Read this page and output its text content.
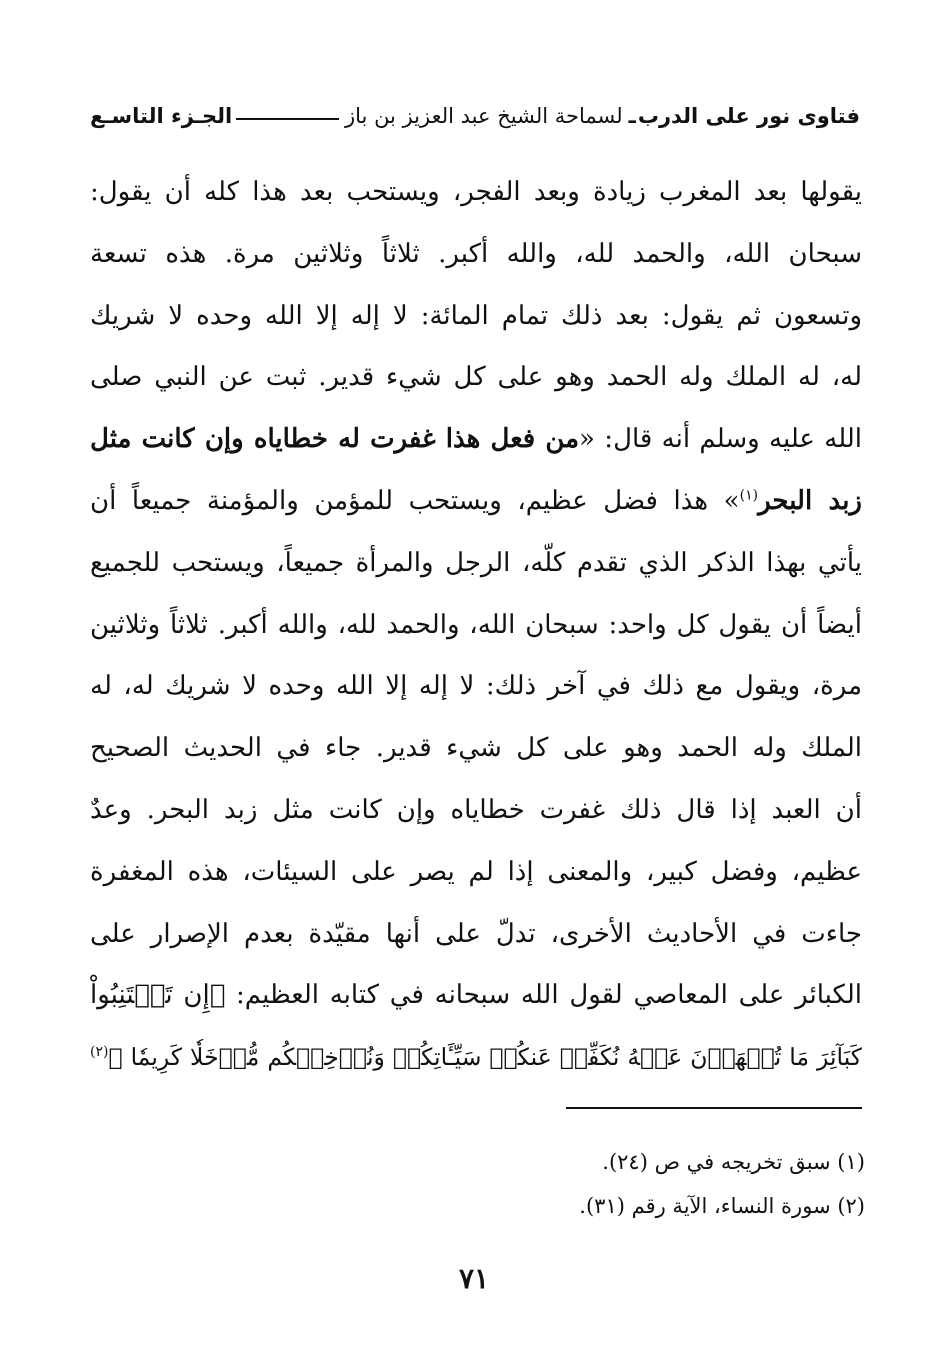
فتاوى نور على الدرب
ـ
لسماحة الشيخ عبد العزيز بن باز
الجـزء التاسـع
يقولها بعد المغرب زيادة وبعد الفجر، ويستحب بعد هذا كله أن يقول:
سبحان الله، والحمد لله، والله أكبر. ثلاثاً وثلاثين مرة. هذه تسعة
وتسعون ثم يقول: بعد ذلك تمام المائة: لا إله إلا الله وحده لا شريك
له، له الملك وله الحمد وهو على كل شيء قدير. ثبت عن النبي صلى
الله عليه وسلم أنه قال: «من فعل هذا غفرت له خطاياه وإن كانت مثل
زبد البحر$^{(١)}$» هذا فضل عظيم، ويستحب للمؤمن والمؤمنة جميعاً أن
يأتي بهذا الذكر الذي تقدم كلّه، الرجل والمرأة جميعاً، ويستحب للجميع
أيضاً أن يقول كل واحد: سبحان الله، والحمد لله، والله أكبر. ثلاثاً وثلاثين
مرة، ويقول مع ذلك في آخر ذلك: لا إله إلا الله وحده لا شريك له، له
الملك وله الحمد وهو على كل شيء قدير. جاء في الحديث الصحيح
أن العبد إذا قال ذلك غفرت خطاياه وإن كانت مثل زبد البحر. وعدٌ
عظيم، وفضل كبير، والمعنى إذا لم يصر على السيئات، هذه المغفرة
جاءت في الأحاديث الأخرى، تدلّ على أنها مقيّدة بعدم الإصرار على
الكبائر على المعاصي لقول الله سبحانه في كتابه العظيم: ﴿إِن تَجۡتَنِبُواْ
كَبَآئِرَ مَا تُنۡهَوۡنَ عَنۡهُ نُكَفِّرۡ عَنكُمۡ سَيِّـَٔاتِكُمۡ وَنُدۡخِلۡكُم مُّدۡخَلٗا كَرِيمٗا ﴾$^{(٢)}$
(١) سبق تخريجه في ص (٢٤).
(٢) سورة النساء، الآية رقم (٣١).
٧١
